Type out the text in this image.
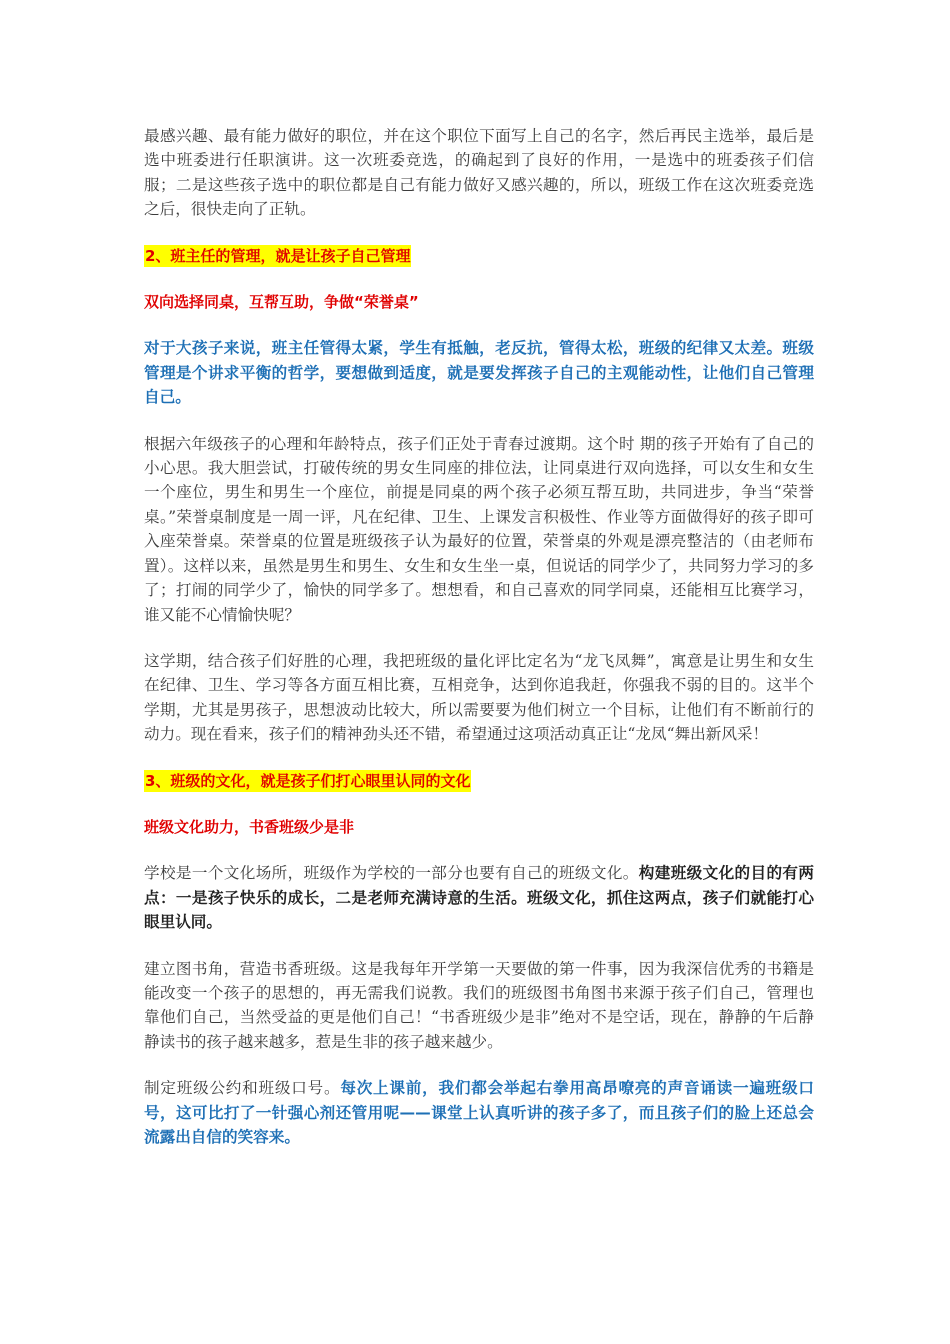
最感兴趣、最有能力做好的职位，并在这个职位下面写上自己的名字，然后再民主选举，最后是选中班委进行任职演讲。这一次班委竞选，的确起到了良好的作用，一是选中的班委孩子们信服；二是这些孩子选中的职位都是自己有能力做好又感兴趣的，所以，班级工作在这次班委竞选之后，很快走向了正轨。

2、班主任的管理，就是让孩子自己管理
双向选择同桌，互帮互助，争做“荣誉桌”

对于大孩子来说，班主任管得太紧，学生有抵触，老反抗，管得太松，班级的纪律又太差。班级管理是个讲求平衡的哲学，要想做到适度，就是要发挥孩子自己的主观能动性，让他们自己管理自己。

根据六年级孩子的心理和年龄特点，孩子们正处于青春过渡期。这个时 期的孩子开始有了自己的小心思。我大胆尝试，打破传统的男女生同座的排位法，让同桌进行双向选择，可以女生和女生一个座位，男生和男生一个座位，前提是同桌的两个孩子必须互帮互助，共同进步，争当“荣誉桌。”荣誉桌制度是一周一评，凡在纪律、卫生、上课发言积极性、作业等方面做得好的孩子即可入座荣誉桌。荣誉桌的位置是班级孩子认为最好的位置，荣誉桌的外观是漂亮整洁的（由老师布置）。这样以来，虽然是男生和男生、女生和女生坐一桌，但说话的同学少了，共同努力学习的多了；打闹的同学少了，愉快的同学多了。想想看，和自己喜欢的同学同桌，还能相互比赛学习，谁又能不心情愉快呢？

这学期，结合孩子们好胜的心理，我把班级的量化评比定名为“龙飞凤舞”，寓意是让男生和女生在纪律、卫生、学习等各方面互相比赛，互相竞争，达到你追我赶，你强我不弱的目的。这半个学期，尤其是男孩子，思想波动比较大，所以需要要为他们树立一个目标，让他们有不断前行的动力。现在看来，孩子们的精神劲头还不错，希望通过这项活动真正让“龙凤“舞出新风采！

3、班级的文化，就是孩子们打心眼里认同的文化
班级文化助力，书香班级少是非

学校是一个文化场所，班级作为学校的一部分也要有自己的班级文化。构建班级文化的目的有两点：一是孩子快乐的成长，二是老师充满诗意的生活。班级文化，抓住这两点，孩子们就能打心眼里认同。

建立图书角，营造书香班级。这是我每年开学第一天要做的第一件事，因为我深信优秀的书籍是能改变一个孩子的思想的，再无需我们说教。我们的班级图书角图书来源于孩子们自己，管理也靠他们自己，当然受益的更是他们自己！“书香班级少是非”绝对不是空话，现在，静静的午后静静读书的孩子越来越多，惹是生非的孩子越来越少。

制定班级公约和班级口号。每次上课前，我们都会举起右拳用高昂嘹亮的声音诵读一遍班级口号，这可比打了一针强心剂还管用呢——课堂上认真听讲的孩子多了，而且孩子们的脸上还总会流露出自信的笑容来。
